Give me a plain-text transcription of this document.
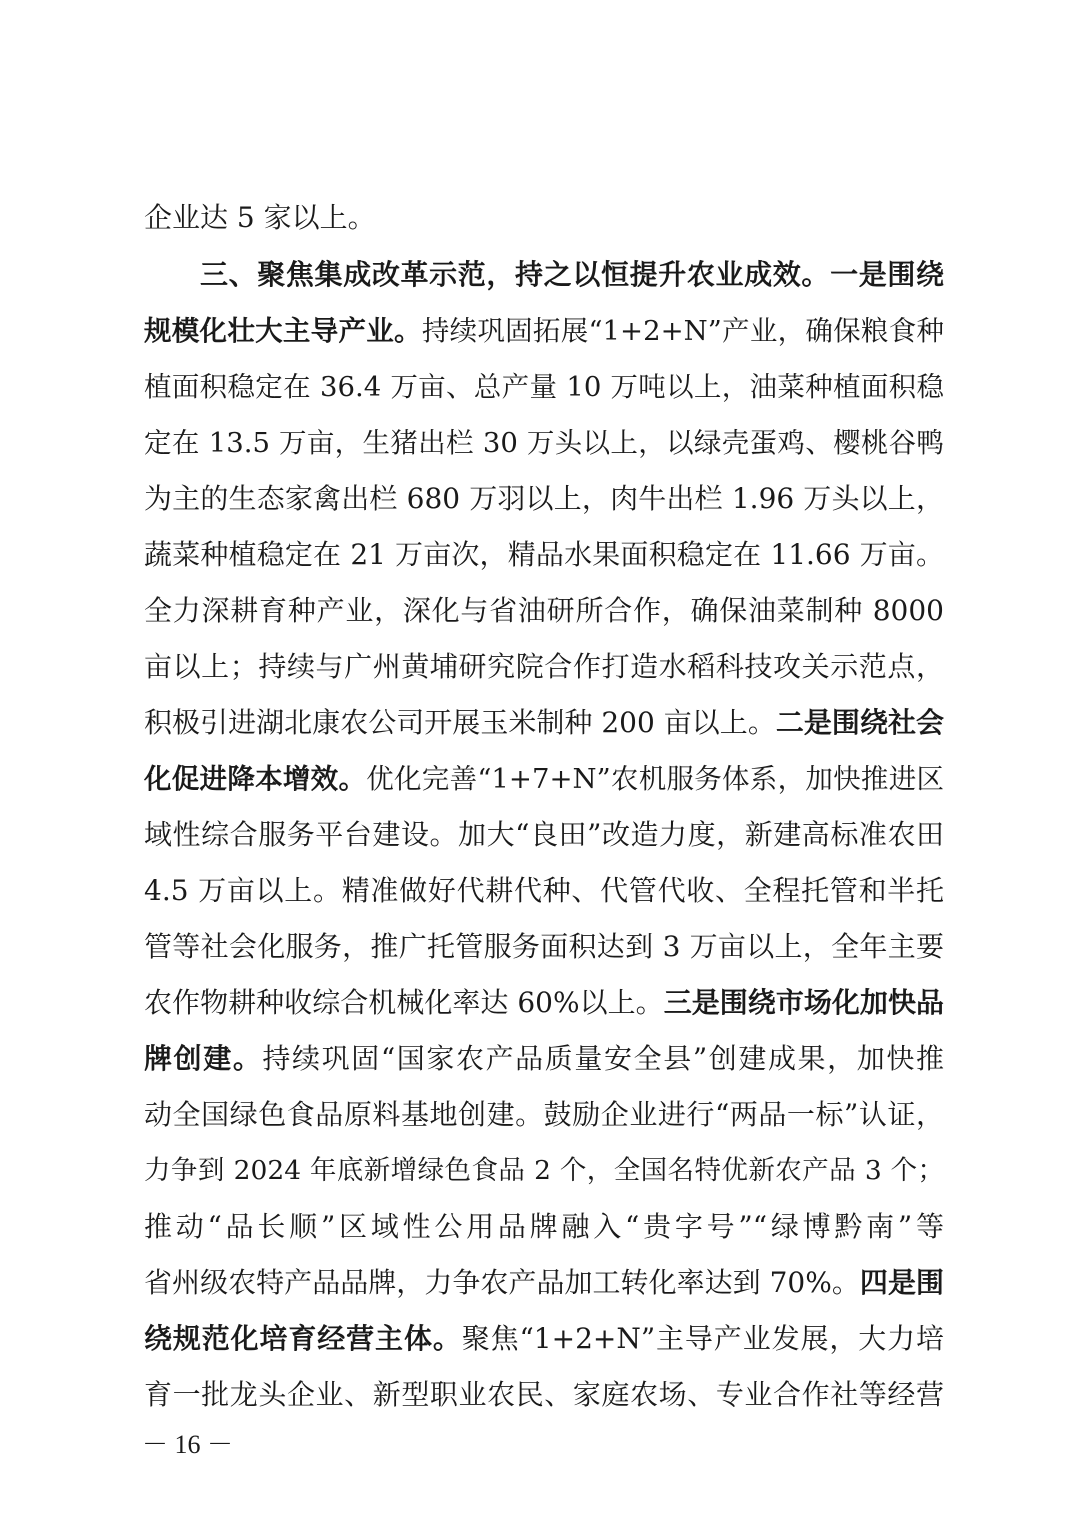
企业达 5 家以上。
三、聚焦集成改革示范，持之以恒提升农业成效。一是围绕
规模化壮大主导产业。持续巩固拓展“1+2+N”产业，确保粮食种
植面积稳定在 36.4 万亩、总产量 10 万吨以上，油菜种植面积稳
定在 13.5 万亩，生猪出栏 30 万头以上，以绿壳蛋鸡、樱桃谷鸭
为主的生态家禽出栏 680 万羽以上，肉牛出栏 1.96 万头以上，
蔬菜种植稳定在 21 万亩次，精品水果面积稳定在 11.66 万亩。
全力深耕育种产业，深化与省油研所合作，确保油菜制种 8000
亩以上；持续与广州黄埔研究院合作打造水稻科技攻关示范点，
积极引进湖北康农公司开展玉米制种 200 亩以上。二是围绕社会
化促进降本增效。优化完善“1+7+N”农机服务体系，加快推进区
域性综合服务平台建设。加大“良田”改造力度，新建高标准农田
4.5 万亩以上。精准做好代耕代种、代管代收、全程托管和半托
管等社会化服务，推广托管服务面积达到 3 万亩以上，全年主要
农作物耕种收综合机械化率达 60%以上。三是围绕市场化加快品
牌创建。持续巩固“国家农产品质量安全县”创建成果，加快推
动全国绿色食品原料基地创建。鼓励企业进行“两品一标”认证，
力争到 2024 年底新增绿色食品 2 个，全国名特优新农产品 3 个；
推动“品长顺”区域性公用品牌融入“贵字号”“绿博黔南”等
省州级农特产品品牌，力争农产品加工转化率达到 70%。四是围
绕规范化培育经营主体。聚焦“1+2+N”主导产业发展，大力培
育一批龙头企业、新型职业农民、家庭农场、专业合作社等经营
－ 16 －
